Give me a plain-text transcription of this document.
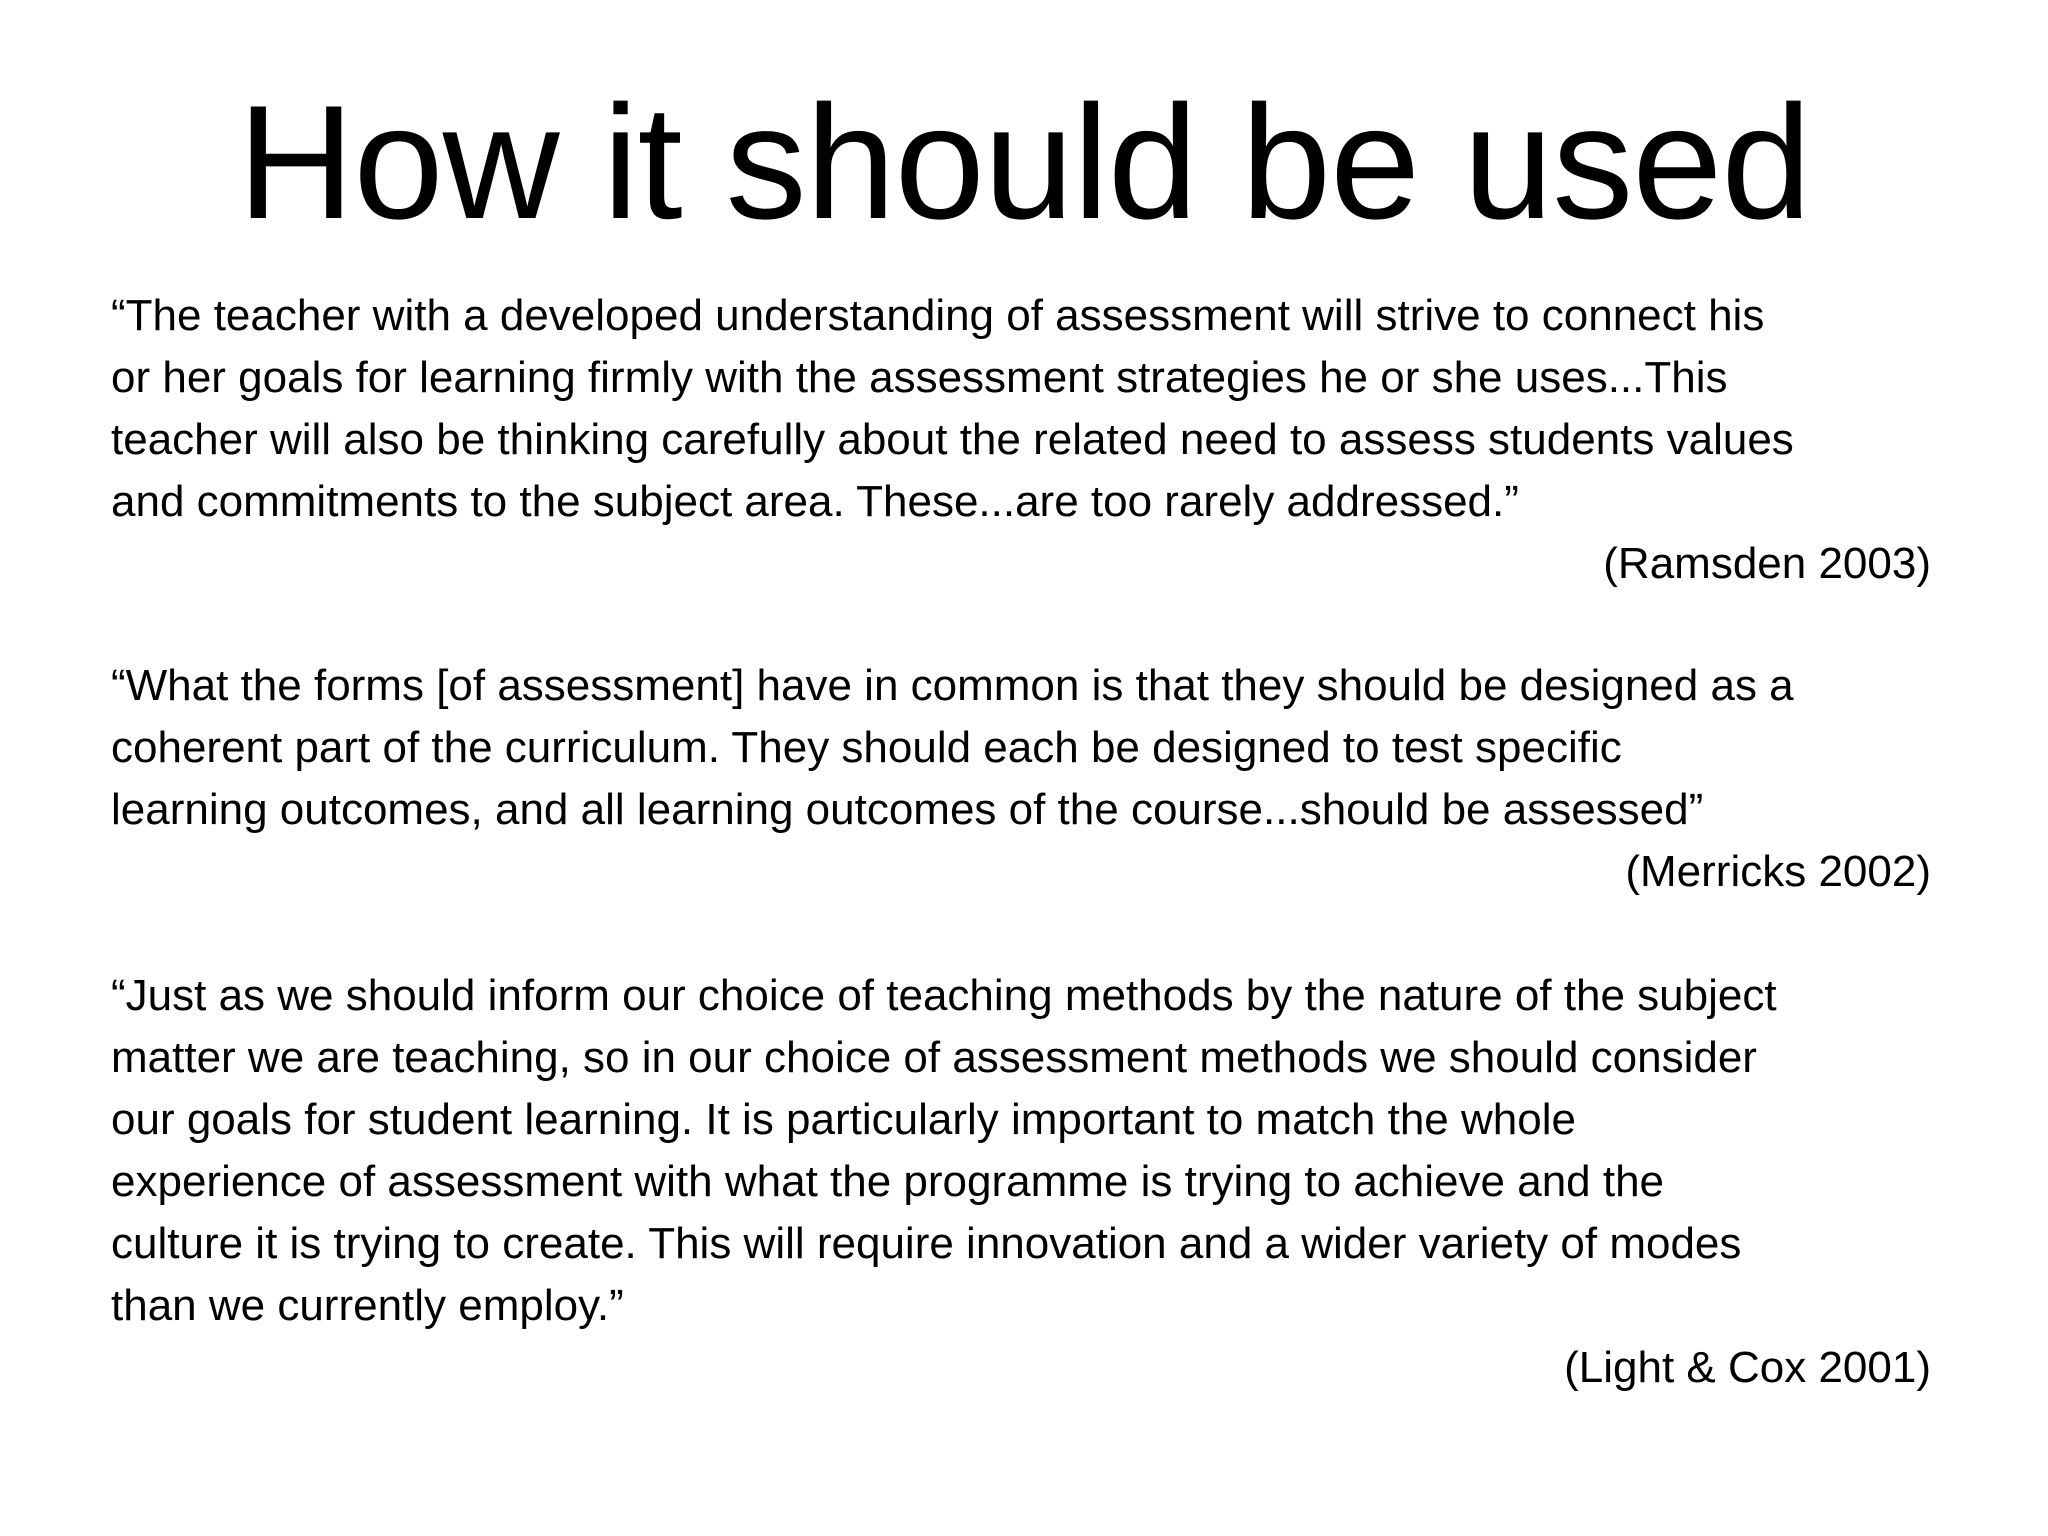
How it should be used

“The teacher with a developed understanding of assessment will strive to connect his
or her goals for learning firmly with the assessment strategies he or she uses...This
teacher will also be thinking carefully about the related need to assess students values
and commitments to the subject area. These...are too rarely addressed.”

(Ramsden 2003)

“What the forms [of assessment] have in common is that they should be designed as a
coherent part of the curriculum. They should each be designed to test specific
learning outcomes, and all learning outcomes of the course...should be assessed”

(Merricks 2002)

“Just as we should inform our choice of teaching methods by the nature of the subject
matter we are teaching, so in our choice of assessment methods we should consider
our goals for student learning. It is particularly important to match the whole
experience of assessment with what the programme is trying to achieve and the
culture it is trying to create. This will require innovation and a wider variety of modes
than we currently employ.”

(Light & Cox 2001)
